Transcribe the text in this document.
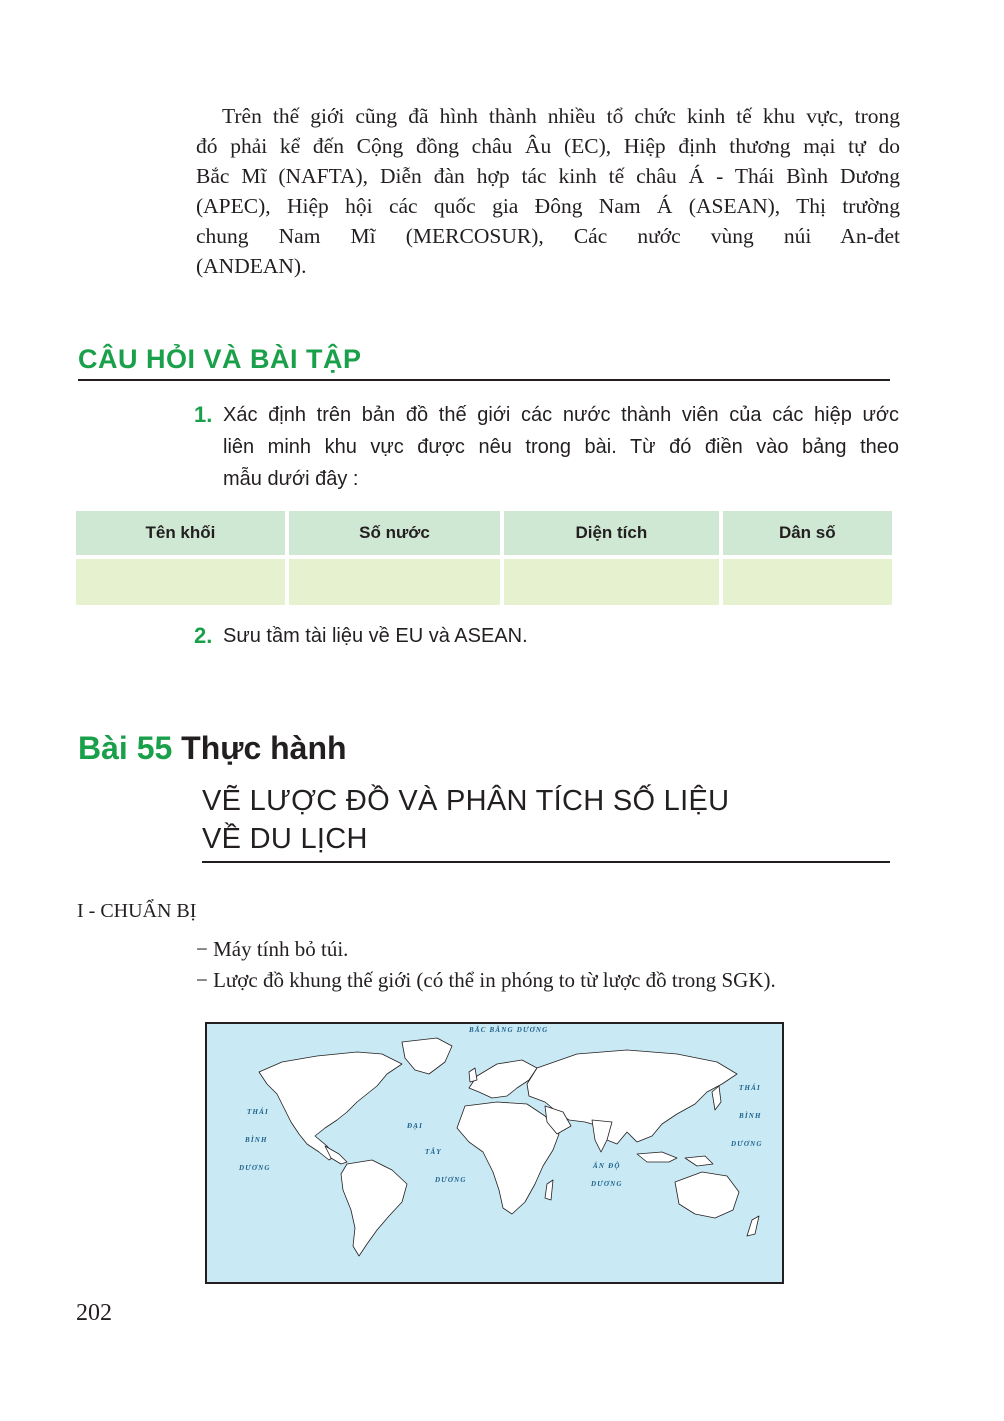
Trên thế giới cũng đã hình thành nhiều tổ chức kinh tế khu vực, trong
đó phải kể đến Cộng đồng châu Âu (EC), Hiệp định thương mại tự do
Bắc Mĩ (NAFTA), Diễn đàn hợp tác kinh tế châu Á - Thái Bình Dương
(APEC), Hiệp hội các quốc gia Đông Nam Á (ASEAN), Thị trường
chung Nam Mĩ (MERCOSUR), Các nước vùng núi An-đet
(ANDEAN).
CÂU HỎI VÀ BÀI TẬP
1. Xác định trên bản đồ thế giới các nước thành viên của các hiệp ước
liên minh khu vực được nêu trong bài. Từ đó điền vào bảng theo
mẫu dưới đây :
Tên khối	Số nước	Diện tích	Dân số

2. Sưu tầm tài liệu về EU và ASEAN.
Bài 55 Thực hành
VẼ LƯỢC ĐỒ VÀ PHÂN TÍCH SỐ LIỆU
VỀ DU LỊCH
I - CHUẨN BỊ
− Máy tính bỏ túi.
− Lược đồ khung thế giới (có thể in phóng to từ lược đồ trong SGK).
BẮC BĂNG DƯƠNG
THÁI
BÌNH
DƯƠNG
ĐẠI
TÂY
DƯƠNG
ẤN ĐỘ
DƯƠNG
THÁI
BÌNH
DƯƠNG
202
